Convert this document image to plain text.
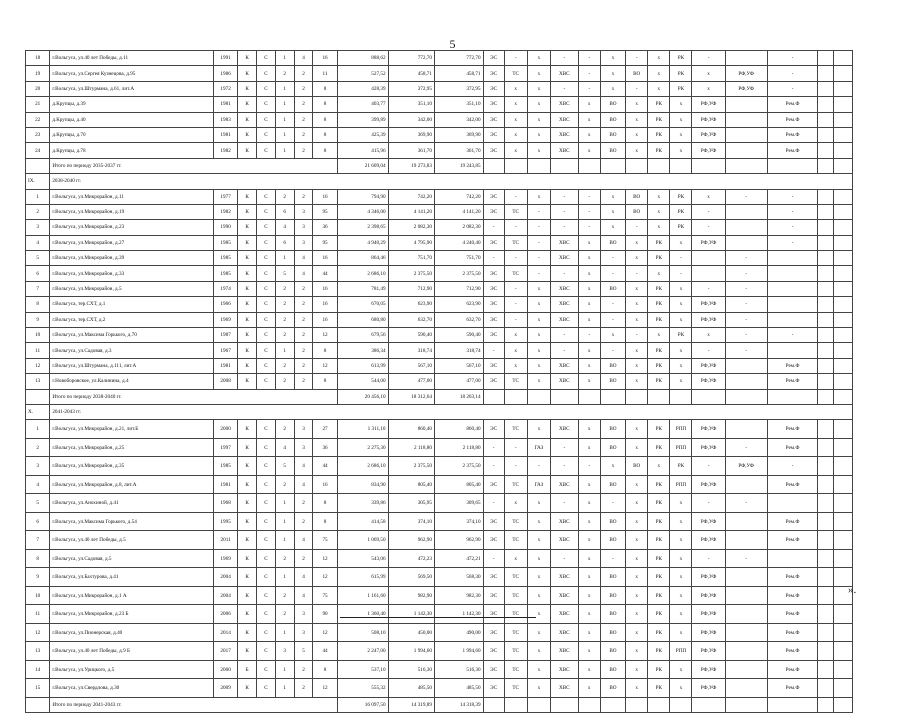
5
18	г.Вольгуса, ул.40 лет Победы, д.11	1991	К	С	1	4	16	888,62	772,70	772,70	ЭС	-	х	-	-	х	-	х	РК	-		-		
19	г.Вольгуса, ул.Сергея Кузнецова, д.95	1986	К	С	2	2	11	527,52	458,71	458,71	ЭС	ТС	х	ХВС	-	х	ВО	х	РК	х	РФ,УФ	-		
20	г.Вольгуса, ул.Штурмана, д.61, лит.А	1972	К	С	1	2	8	428,39	372,95	372,95	ЭС	х	х	-	-	х	-	х	РК	х	РФ,УФ	-		
21	д.Крупцы, д.39	1981	К	С	1	2	8	403,77	351,10	351,10	ЭС	х	х	ХВС	х	ВО	х	РК	х	РФ,УФ		Рем.Ф		
22	д.Крупцы, д.40	1983	К	С	1	2	8	399,89	342,00	342,00	ЭС	х	х	ХВС	х	ВО	х	РК	х	РФ,УФ		Рем.Ф		
23	д.Крупцы, д.70	1981	К	С	1	2	8	425,39	369,90	369,90	ЭС	х	х	ХВС	х	ВО	х	РК	х	РФ,УФ		Рем.Ф		
24	д.Крупцы, д.78	1982	К	С	1	2	8	415,96	361,70	361,70	ЭС	х	х	ХВС	х	ВО	х	РК	х	РФ,УФ		Рем.Ф		
	Итого по периоду 2035-2037 гг.							21 609,04	19 273,83	19 243,85														
IX.	2038-2040 гг.																							
1	г.Вольгуса, ул.Микрорайон, д.11	1977	К	С	2	2	16	794,90	742,20	742,20	ЭС	-	х	-	-	х	ВО	х	РК	х	-	-		
2	г.Вольгуса, ул.Микрорайон, д.19	1982	К	С	6	3	95	4 346,00	4 141,20	4 141,20	ЭС	ТС	-	-	-	х	ВО	х	РК	-		-		
3	г.Вольгуса, ул.Микрорайон, д.23	1990	К	С	4	3	36	2 398,65	2 082,30	2 082,30	-	-	-	-	-	х	-	х	РК	-		-		
4	г.Вольгуса, ул.Микрорайон, д.27	1985	К	С	6	3	95	4 940,29	4 795,90	4 240,40	ЭС	ТС	-	ХВС	х	ВО	х	РК	х	РФ,УФ		-		
5	г.Вольгуса, ул.Микрорайон, д.39	1985	К	С	1	4	16	864,46	751,70	751,70	-	-	-	ХВС	х	-	х	РК	-		-			
6	г.Вольгуса, ул.Микрорайон, д.33	1985	К	С	5	4	44	2 686,10	2 375,50	2 375,50	ЭС	ТС	-	-	х	-	-	х	-		-			
7	г.Вольгуса, ул.Микрорайон, д.5	1974	К	С	2	2	16	781,49	712,90	712,90	ЭС	-	х	ХВС	х	ВО	х	РК	х	-	-			
8	г.Вольгуса, тер.СХТ, д.1	1966	К	С	2	2	16	670,05	623,90	623,90	ЭС	-	х	ХВС	х	-	х	РК	х	РФ,УФ	-			
9	г.Вольгуса, тер.СХТ, д.2	1969	К	С	2	2	16	680,80	632,70	632,70	ЭС	-	х	ХВС	х	-	х	РК	х	РФ,УФ	-			
10	г.Вольгуса, ул.Максима Горького, д.70	1987	К	С	2	2	12	679,56	590,40	590,40	ЭС	х	х	-	-	х	-	х	РК	х	-	-		
11	г.Вольгуса, ул.Садовая, д.3	1967	К	С	1	2	8	386,34	318,74	318,74	-	х	х	-	х	-	х	РК	х	-	-			
12	г.Вольгуса, ул.Штурмана, д.111, лит.А	1981	К	С	2	2	12	613,99	567,10	567,10	ЭС	х	х	ХВС	х	ВО	х	РК	х	РФ,УФ		Рем.Ф		
13	г.Новоборовское, ул.Калинина, д.4	2008	К	С	2	2	8	544,00	477,00	477,00	ЭС	ТС	х	ХВС	х	ВО	х	РК	х	РФ,УФ		Рем.Ф		
	Итого по периоду 2038-2040 гг.							20 456,10	18 312,64	18 263,14														
X.	2041-2043 гг.																							
1	г.Вольгуса, ул.Микрорайон, д.21, лит.Б	2000	К	С	2	3	27	1 311,10	860,40	860,40	ЭС	ТС	х	ХВС	х	ВО	х	РК	РПП	РФ,УФ		Рем.Ф		
2	г.Вольгуса, ул.Микрорайон, д.25	1997	К	С	4	3	36	2 275,30	2 118,80	2 118,80	-	-	ГАЗ	-	х	ВО	х	РК	РПП	РФ,УФ	-	Рем.Ф		
3	г.Вольгуса, ул.Микрорайон, д.35	1985	К	С	5	4	44	2 686,10	2 375,50	2 375,50	-	-	-	-	-	х	ВО	х	РК	-	РФ,УФ	-		
4	г.Вольгуса, ул.Микрорайон, д.8, лит.А	1981	К	С	2	4	16	834,90	805,40	805,40	ЭС	ТС	ГАЗ	ХВС	х	ВО	х	РК	РПП	РФ,УФ		Рем.Ф		
5	г.Вольгуса, ул.Анохиной, д.41	1968	К	С	1	2	8	339,86	305,95	309,65	-	х	х	-	х	-	х	РК	х	-	-			
6	г.Вольгуса, ул.Максима Горького, д.54	1995	К	С	1	2	8	414,58	374,10	374,10	ЭС	ТС	х	ХВС	х	ВО	х	РК	х	РФ,УФ		Рем.Ф		
7	г.Вольгуса, ул.40 лет Победы, д.5	2011	К	С	1	4	75	1 069,50	962,90	962,90	ЭС	ТС	х	ХВС	х	ВО	х	РК	х	РФ,УФ		Рем.Ф		
8	г.Вольгуса, ул.Садовая, д.5	1969	К	С	2	2	12	543,06	472,23	472,21	-	х	х	-	х	-	х	РК	х	-	-			
9	г.Вольгуса, ул.Бахтурова, д.41	2004	К	С	1	4	12	615,99	569,50	568,30	ЭС	ТС	х	ХВС	х	ВО	х	РК	х	РФ,УФ		Рем.Ф		
10	г.Вольгуса, ул.Микрорайон, д.1 А	2004	К	С	2	4	75	1 161,60	982,90	982,30	ЭС	ТС	х	ХВС	х	ВО	х	РК	х	РФ,УФ		Рем.Ф		
11	г.Вольгуса, ул.Микрорайон, д.23 Б	2006	К	С	2	3	90	1 360,40	1 142,30	1 142,30	ЭС	ТС	х	ХВС	х	ВО	х	РК	х	РФ,УФ		Рем.Ф		
12	г.Вольгуса, ул.Пионерская, д.40	2014	К	С	1	3	12	508,10	450,00	490,00	ЭС	ТС	х	ХВС	х	ВО	х	РК	х	РФ,УФ		Рем.Ф		
13	г.Вольгуса, ул.40 лет Победы, д.9 Б	2017	К	С	3	5	44	2 247,00	1 994,60	1 994,60	ЭС	ТС	х	ХВС	х	ВО	х	РК	РПП	РФ,УФ		Рем.Ф		
14	г.Вольгуса, ул.Урицкого, д.5	2000	Б	С	1	2	8	537,10	516,30	516,30	ЭС	ТС	х	ХВС	х	ВО	х	РК	х	РФ,УФ		Рем.Ф		
15	г.Вольгуса, ул.Свердлова, д.30	2009	К	С	1	2	12	555,32	485,50	485,50	ЭС	ТС	х	ХВС	х	ВО	х	РК	х	РФ,УФ		Рем.Ф		
	Итого по периоду 2041-2043 гг.							16 097,50	14 319,89	14 318,39														
».
